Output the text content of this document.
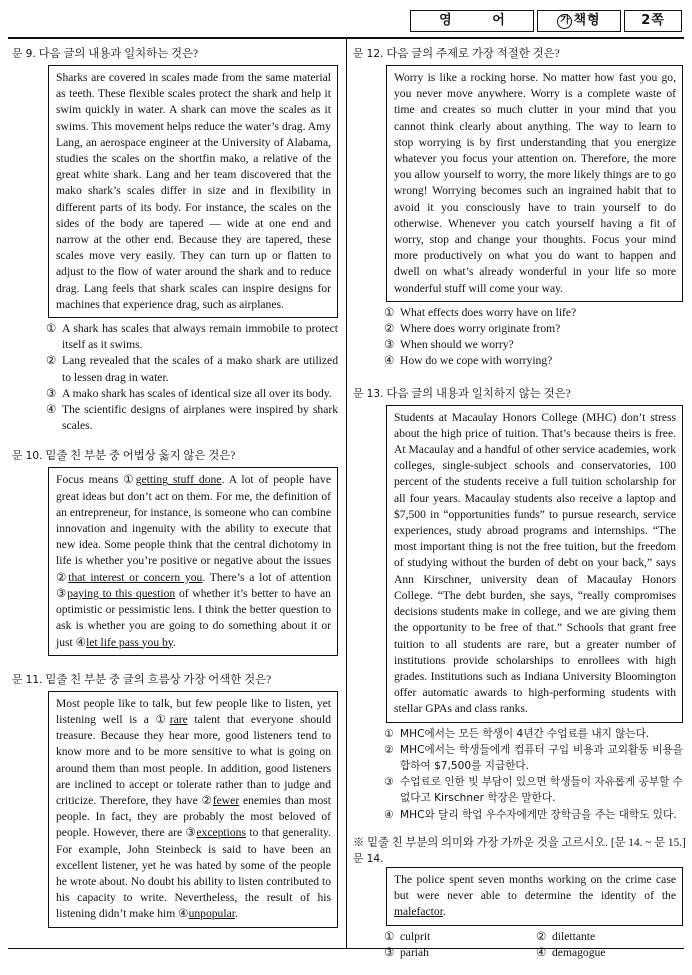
영 어	가 책형	2쪽
문 9. 다음 글의 내용과 일치하는 것은?
Sharks are covered in scales made from the same material as teeth. These flexible scales protect the shark and help it swim quickly in water. A shark can move the scales as it swims. This movement helps reduce the water’s drag. Amy Lang, an aerospace engineer at the University of Alabama, studies the scales on the shortfin mako, a relative of the great white shark. Lang and her team discovered that the mako shark’s scales differ in size and in flexibility in different parts of its body. For instance, the scales on the sides of the body are tapered — wide at one end and narrow at the other end. Because they are tapered, these scales move very easily. They can turn up or flatten to adjust to the flow of water around the shark and to reduce drag. Lang feels that shark scales can inspire designs for machines that experience drag, such as airplanes.
① A shark has scales that always remain immobile to protect itself as it swims.
② Lang revealed that the scales of a mako shark are utilized to lessen drag in water.
③ A mako shark has scales of identical size all over its body.
④ The scientific designs of airplanes were inspired by shark scales.
문 10. 밑줄 친 부분 중 어법상 옳지 않은 것은?
Focus means ①getting stuff done. A lot of people have great ideas but don’t act on them. For me, the definition of an entrepreneur, for instance, is someone who can combine innovation and ingenuity with the ability to execute that new idea. Some people think that the central dichotomy in life is whether you’re positive or negative about the issues ②that interest or concern you. There’s a lot of attention ③paying to this question of whether it’s better to have an optimistic or pessimistic lens. I think the better question to ask is whether you are going to do something about it or just ④let life pass you by.
문 11. 밑줄 친 부분 중 글의 흐름상 가장 어색한 것은?
Most people like to talk, but few people like to listen, yet listening well is a ①rare talent that everyone should treasure. Because they hear more, good listeners tend to know more and to be more sensitive to what is going on around them than most people. In addition, good listeners are inclined to accept or tolerate rather than to judge and criticize. Therefore, they have ②fewer enemies than most people. In fact, they are probably the most beloved of people. However, there are ③exceptions to that generality. For example, John Steinbeck is said to have been an excellent listener, yet he was hated by some of the people he wrote about. No doubt his ability to listen contributed to his capacity to write. Nevertheless, the result of his listening didn’t make him ④unpopular.
문 12. 다음 글의 주제로 가장 적절한 것은?
Worry is like a rocking horse. No matter how fast you go, you never move anywhere. Worry is a complete waste of time and creates so much clutter in your mind that you cannot think clearly about anything. The way to learn to stop worrying is by first understanding that you energize whatever you focus your attention on. Therefore, the more you allow yourself to worry, the more likely things are to go wrong! Worrying becomes such an ingrained habit that to avoid it you consciously have to train yourself to do otherwise. Whenever you catch yourself having a fit of worry, stop and change your thoughts. Focus your mind more productively on what you do want to happen and dwell on what’s already wonderful in your life so more wonderful stuff will come your way.
① What effects does worry have on life?
② Where does worry originate from?
③ When should we worry?
④ How do we cope with worrying?
문 13. 다음 글의 내용과 일치하지 않는 것은?
Students at Macaulay Honors College (MHC) don’t stress about the high price of tuition. That’s because theirs is free. At Macaulay and a handful of other service academies, work colleges, single-subject schools and conservatories, 100 percent of the students receive a full tuition scholarship for all four years. Macaulay students also receive a laptop and $7,500 in “opportunities funds” to pursue research, service experiences, study abroad programs and internships. “The most important thing is not the free tuition, but the freedom of studying without the burden of debt on your back,” says Ann Kirschner, university dean of Macaulay Honors College. “The debt burden, she says, “really compromises decisions students make in college, and we are giving them the opportunity to be free of that.” Schools that grant free tuition to all students are rare, but a greater number of institutions provide scholarships to enrollees with high grades. Institutions such as Indiana University Bloomington offer automatic awards to high-performing students with stellar GPAs and class ranks.
① MHC에서는 모든 학생이 4년간 수업료를 내지 않는다.
② MHC에서는 학생들에게 컴퓨터 구입 비용과 교외활동 비용을 합하여 $7,500를 지급한다.
③ 수업료로 인한 빚 부담이 있으면 학생들이 자유롭게 공부할 수 없다고 Kirschner 학장은 말한다.
④ MHC와 달리 학업 우수자에게만 장학금을 주는 대학도 있다.
※ 밑줄 친 부분의 의미와 가장 가까운 것을 고르시오. [문 14. ~ 문 15.]
문 14.
The police spent seven months working on the crime case but were never able to determine the identity of the malefactor.
① culprit	② dilettante
③ pariah	④ demagogue
